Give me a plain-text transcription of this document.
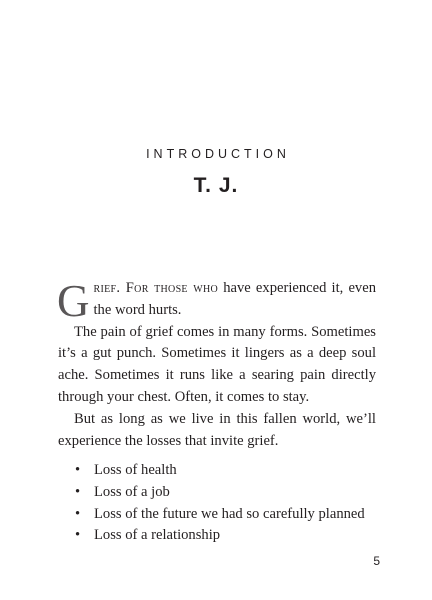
INTRODUCTION
T. J.

Grief. For those who have experienced it, even the word hurts.

The pain of grief comes in many forms. Sometimes it’s a gut punch. Sometimes it lingers as a deep soul ache. Sometimes it runs like a searing pain directly through your chest. Often, it comes to stay.

But as long as we live in this fallen world, we’ll experience the losses that invite grief.

• Loss of health
• Loss of a job
• Loss of the future we had so carefully planned
• Loss of a relationship
5
